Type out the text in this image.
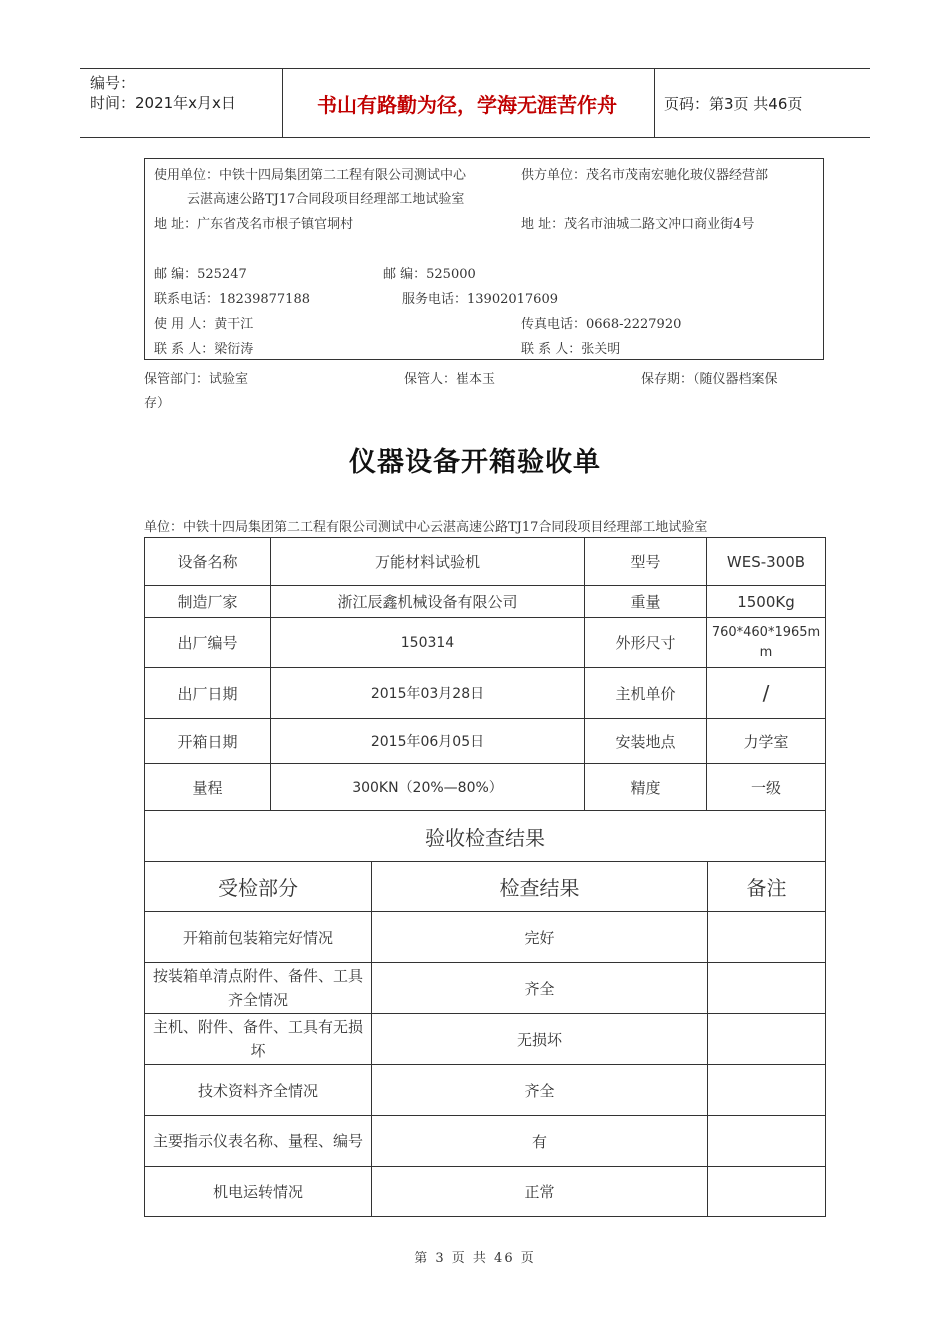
编号：
时间：2021年x月x日	书山有路勤为径，学海无涯苦作舟	页码：第3页 共46页
使用单位：中铁十四局集团第二工程有限公司测试中心	供方单位：茂名市茂南宏驰化玻仪器经营部
云湛高速公路TJ17合同段项目经理部工地试验室
地 址：广东省茂名市根子镇官垌村	地 址：茂名市油城二路文冲口商业街4号
邮 编：525247	邮 编：525000
联系电话：18239877188	服务电话：13902017609
使 用 人：黄干江	传真电话：0668-2227920
联 系 人：梁衍涛	联 系 人：张关明
保管部门：试验室	保管人：崔本玉	保存期：（随仪器档案保
存）
仪器设备开箱验收单
单位：中铁十四局集团第二工程有限公司测试中心云湛高速公路TJ17合同段项目经理部工地试验室
设备名称	万能材料试验机	型号	WES-300B
制造厂家	浙江辰鑫机械设备有限公司	重量	1500Kg
出厂编号	150314	外形尺寸	760*460*1965mm
出厂日期	2015年03月28日	主机单价	/
开箱日期	2015年06月05日	安装地点	力学室
量程	300KN（20%—80%）	精度	一级
验收检查结果		
受检部分	检查结果	备注
开箱前包装箱完好情况	完好	
按装箱单清点附件、备件、工具齐全情况	齐全	
主机、附件、备件、工具有无损坏	无损坏	
技术资料齐全情况	齐全	
主要指示仪表名称、量程、编号	有	
机电运转情况	正常	
第 3 页 共 46 页
